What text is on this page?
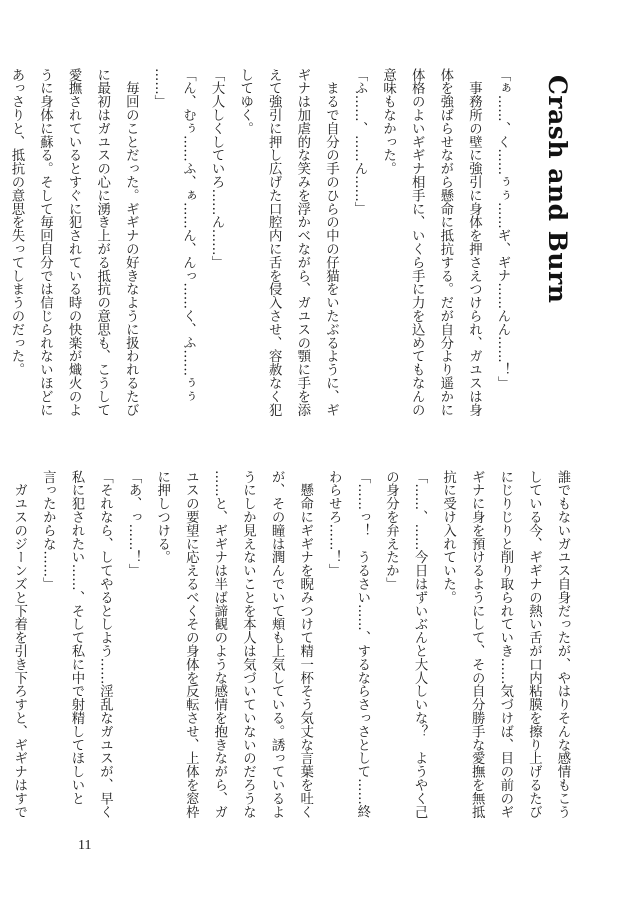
Crash and Burn
「ぁ……、く……ぅぅ……ギ、ギナ……んん……！」
　事務所の壁に強引に身体を押さえつけられ、ガユスは身
体を強ばらせながら懸命に抵抗する。だが自分より遥かに
体格のよいギギナ相手に、いくら手に力を込めてもなんの
意味もなかった。
「ふ……、……ん……」
　まるで自分の手のひらの中の仔猫をいたぶるように、ギ
ギナは加虐的な笑みを浮かべながら、ガユスの顎に手を添
えて強引に押し広げた口腔内に舌を侵入させ、容赦なく犯
してゆく。
「大人しくしていろ……ん……」
「ん、むぅ……ふ、ぁ……ん、んっ……く、ふ……ぅぅ
……」
　毎回のことだった。ギギナの好きなように扱われるたび
に最初はガユスの心に湧き上がる抵抗の意思も、こうして
愛撫されているとすぐに犯されている時の快楽が熾火のよ
うに身体に蘇る。そして毎回自分では信じられないほどに
あっさりと、抵抗の意思を失ってしまうのだった。
誰でもないガユス自身だったが、やはりそんな感情もこう
している今、ギギナの熱い舌が口内粘膜を擦り上げるたび
にじりじりと削り取られていき……気づけば、目の前のギ
ギナに身を預けるようにして、その自分勝手な愛撫を無抵
抗に受け入れていた。
「……、……今日はずいぶんと大人しいな？　ようやく己
の身分を弁えたか」
「……っ！　うるさい……、するならさっさとして……終
わらせろ……！」
　懸命にギギナを睨みつけて精一杯そう気丈な言葉を吐く
が、その瞳は潤んでいて頬も上気している。誘っているよ
うにしか見えないことを本人は気づいていないのだろうな
……と、ギギナは半ば諦観のような感情を抱きながら、ガ
ユスの要望に応えるべくその身体を反転させ、上体を窓枠
に押しつける。
「あ、っ……！」
「それなら、してやるとしよう……淫乱なガユスが、早く
私に犯されたい……、そして私に中で射精してほしいと
言ったからな……」
　ガユスのジーンズと下着を引き下ろすと、ギギナはすで
11
